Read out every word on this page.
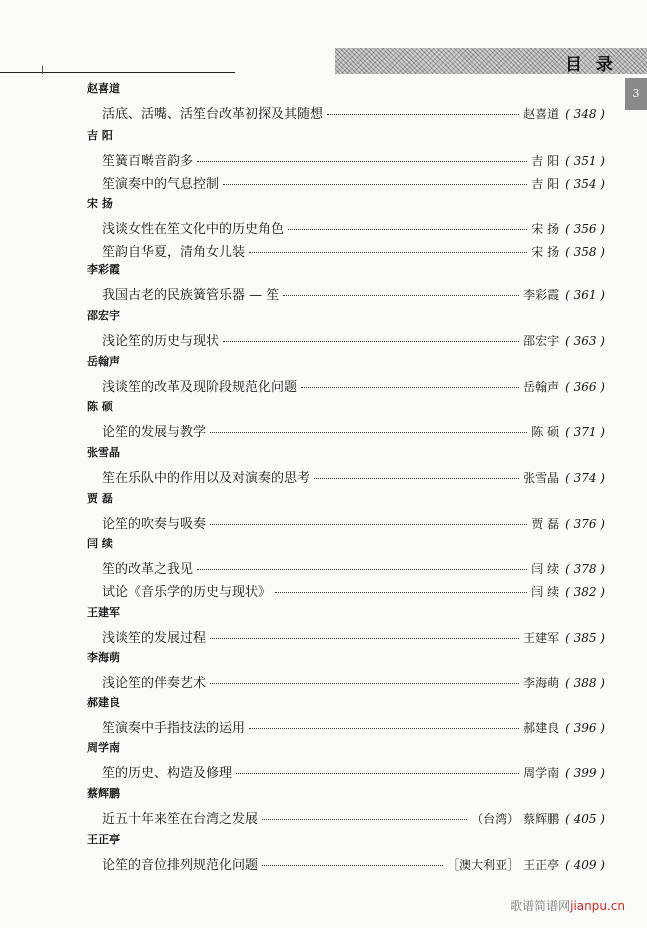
目 录
3
赵喜道
活底、活嘴、活笙台改革初探及其随想	赵喜道 ( 348 )
吉 阳
笙簧百啭音韵多	吉 阳 ( 351 )
笙演奏中的气息控制	吉 阳 ( 354 )
宋 扬
浅谈女性在笙文化中的历史角色	宋 扬 ( 356 )
笙韵自华夏，清角女儿装	宋 扬 ( 358 )
李彩霞
我国古老的民族簧管乐器 — 笙	李彩霞 ( 361 )
邵宏宇
浅论笙的历史与现状	邵宏宇 ( 363 )
岳翰声
浅谈笙的改革及现阶段规范化问题	岳翰声 ( 366 )
陈 硕
论笙的发展与教学	陈 硕 ( 371 )
张雪晶
笙在乐队中的作用以及对演奏的思考	张雪晶 ( 374 )
贾 磊
论笙的吹奏与吸奏	贾 磊 ( 376 )
闫 续
笙的改革之我见	闫 续 ( 378 )
试论《音乐学的历史与现状》	闫 续 ( 382 )
王建军
浅谈笙的发展过程	王建军 ( 385 )
李海萌
浅论笙的伴奏艺术	李海萌 ( 388 )
郝建良
笙演奏中手指技法的运用	郝建良 ( 396 )
周学南
笙的历史、构造及修理	周学南 ( 399 )
蔡辉鹏
近五十年来笙在台湾之发展	（台湾） 蔡辉鹏 ( 405 )
王正亭
论笙的音位排列规范化问题	［澳大利亚］ 王正亭 ( 409 )
歌谱简谱网jianpu.cn
